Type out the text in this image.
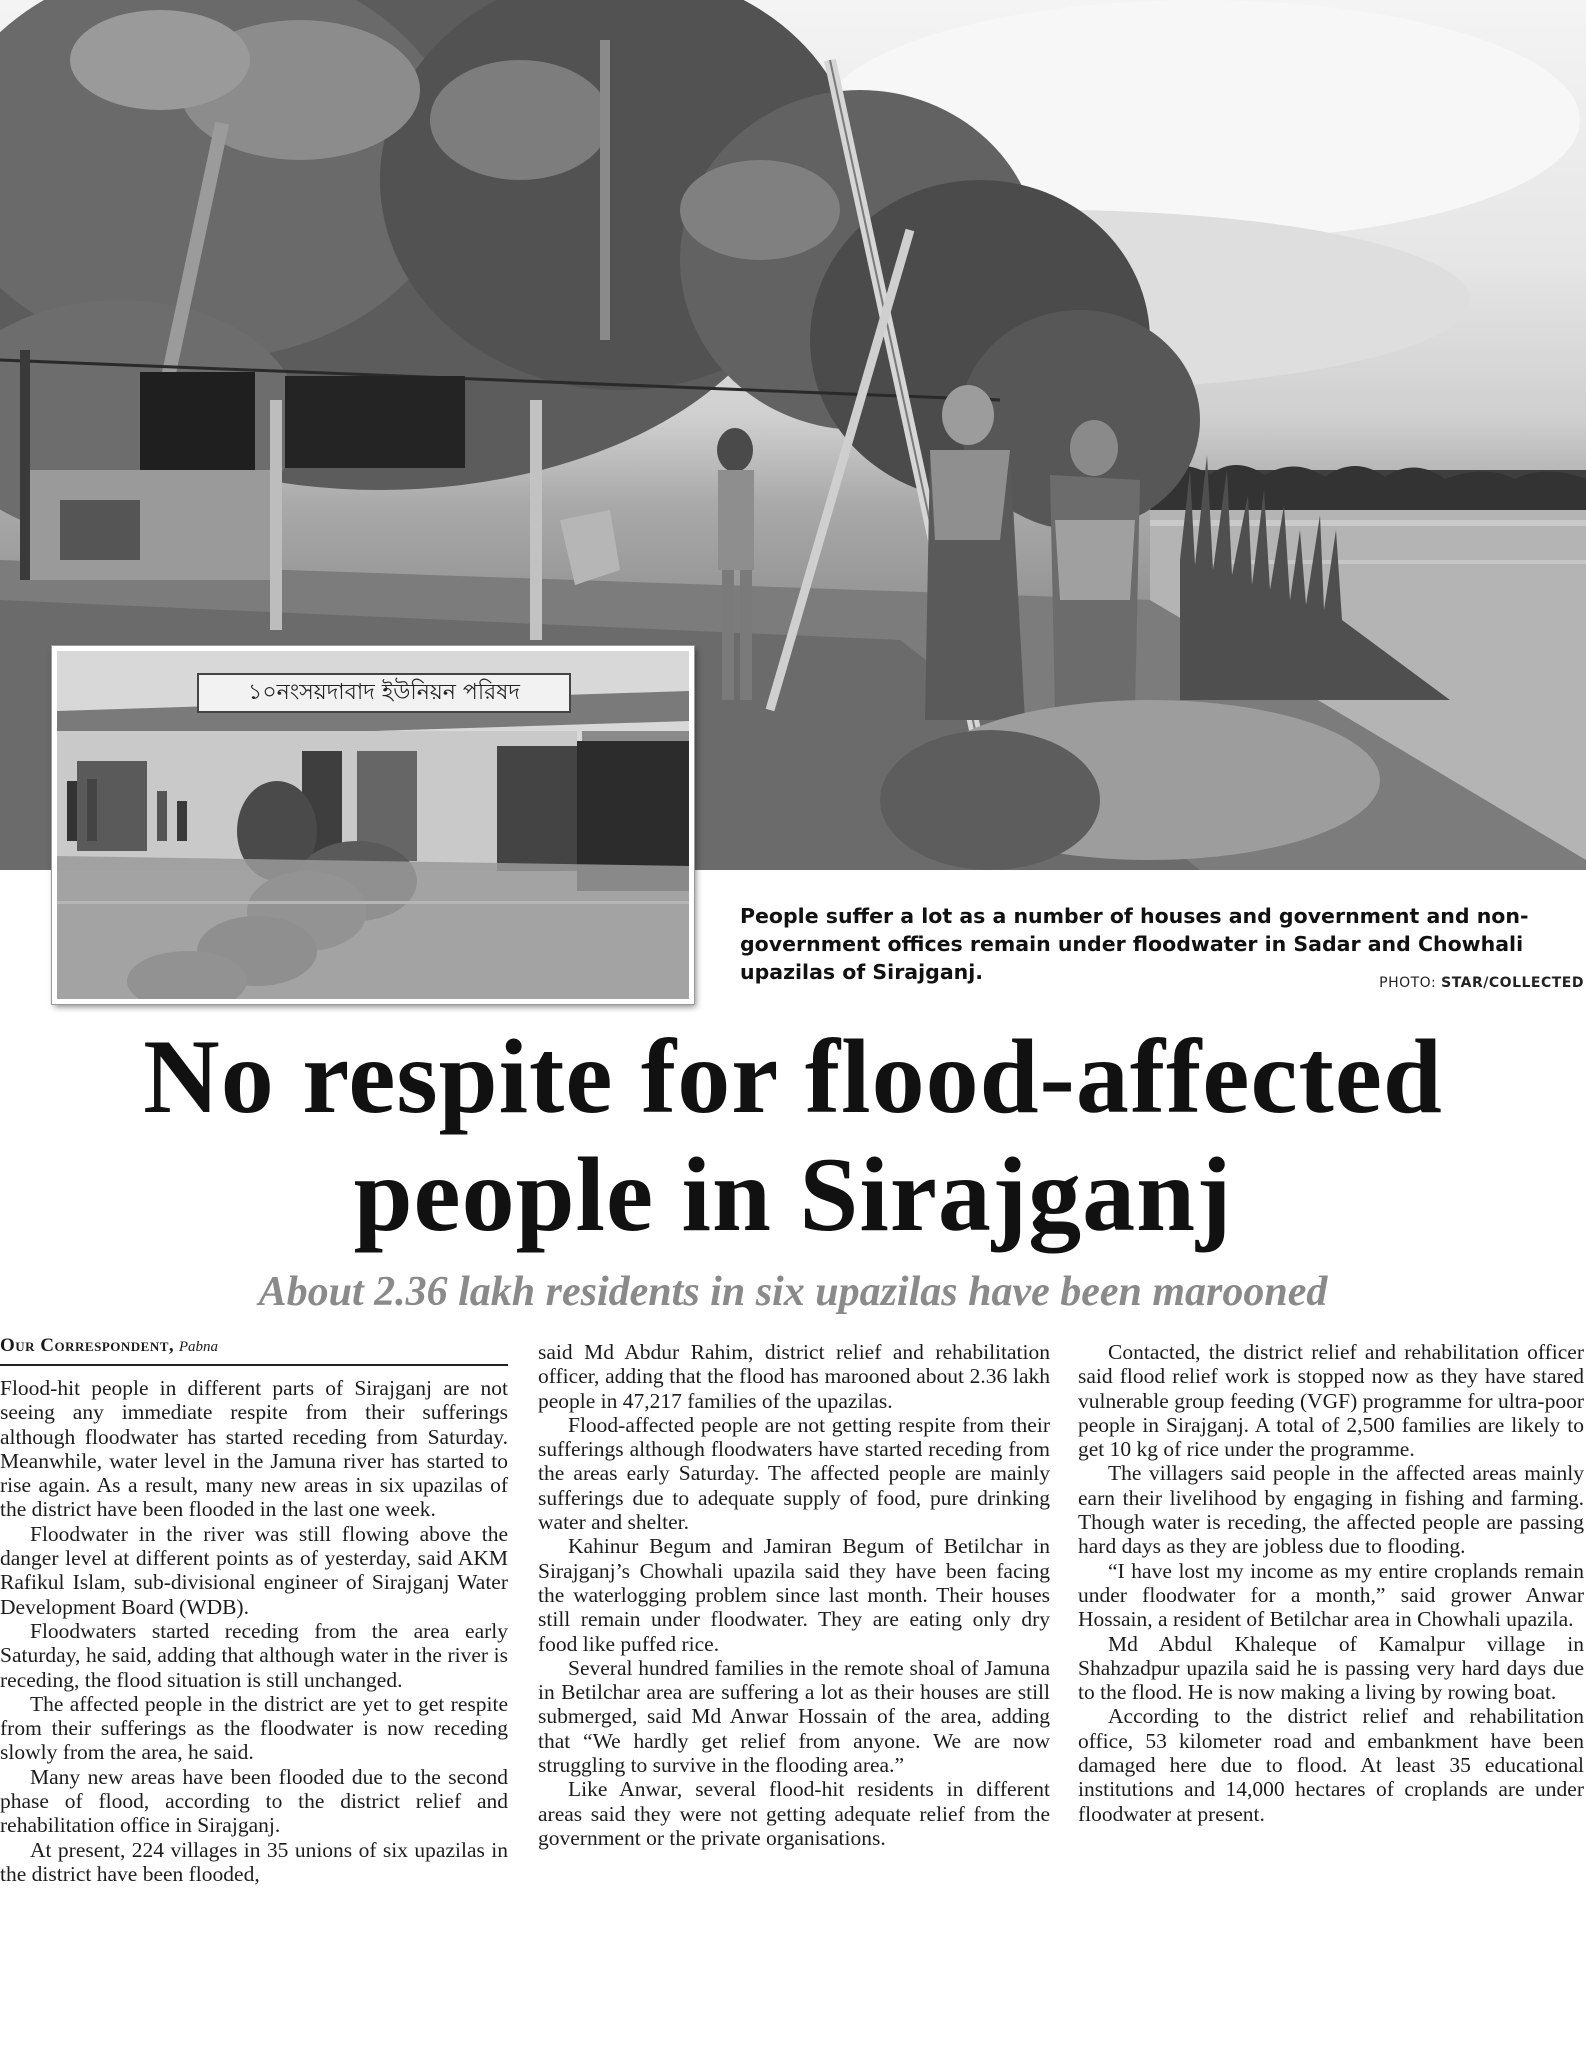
১০নংসয়দাবাদ ইউনিয়ন পরিষদ
People suffer a lot as a number of houses and government and non-government offices remain under floodwater in Sadar and Chowhali upazilas of Sirajganj.	PHOTO: STAR/COLLECTED
No respite for flood-affected
people in Sirajganj
About 2.36 lakh residents in six upazilas have been marooned
Our Correspondent, Pabna

Flood-hit people in different parts of Sirajganj are not seeing any immediate respite from their sufferings although floodwater has started receding from Saturday. Meanwhile, water level in the Jamuna river has started to rise again. As a result, many new areas in six upazilas of the district have been flooded in the last one week.

Floodwater in the river was still flowing above the danger level at different points as of yesterday, said AKM Rafikul Islam, sub-divisional engineer of Sirajganj Water Development Board (WDB).

Floodwaters started receding from the area early Saturday, he said, adding that although water in the river is receding, the flood situation is still unchanged.

The affected people in the district are yet to get respite from their sufferings as the floodwater is now receding slowly from the area, he said.

Many new areas have been flooded due to the second phase of flood, according to the district relief and rehabilitation office in Sirajganj.

At present, 224 villages in 35 unions of six upazilas in the district have been flooded,

said Md Abdur Rahim, district relief and rehabilitation officer, adding that the flood has marooned about 2.36 lakh people in 47,217 families of the upazilas.

Flood-affected people are not getting respite from their sufferings although floodwaters have started receding from the areas early Saturday. The affected people are mainly sufferings due to adequate supply of food, pure drinking water and shelter.

Kahinur Begum and Jamiran Begum of Betilchar in Sirajganj’s Chowhali upazila said they have been facing the waterlogging problem since last month. Their houses still remain under floodwater. They are eating only dry food like puffed rice.

Several hundred families in the remote shoal of Jamuna in Betilchar area are suffering a lot as their houses are still submerged, said Md Anwar Hossain of the area, adding that “We hardly get relief from anyone. We are now struggling to survive in the flooding area.”

Like Anwar, several flood-hit residents in different areas said they were not getting adequate relief from the government or the private organisations.

Contacted, the district relief and rehabilitation officer said flood relief work is stopped now as they have stared vulnerable group feeding (VGF) programme for ultra-poor people in Sirajganj. A total of 2,500 families are likely to get 10 kg of rice under the programme.

The villagers said people in the affected areas mainly earn their livelihood by engaging in fishing and farming. Though water is receding, the affected people are passing hard days as they are jobless due to flooding.

“I have lost my income as my entire croplands remain under floodwater for a month,” said grower Anwar Hossain, a resident of Betilchar area in Chowhali upazila.

Md Abdul Khaleque of Kamalpur village in Shahzadpur upazila said he is passing very hard days due to the flood. He is now making a living by rowing boat.

According to the district relief and rehabilitation office, 53 kilometer road and embankment have been damaged here due to flood. At least 35 educational institutions and 14,000 hectares of croplands are under floodwater at present.
